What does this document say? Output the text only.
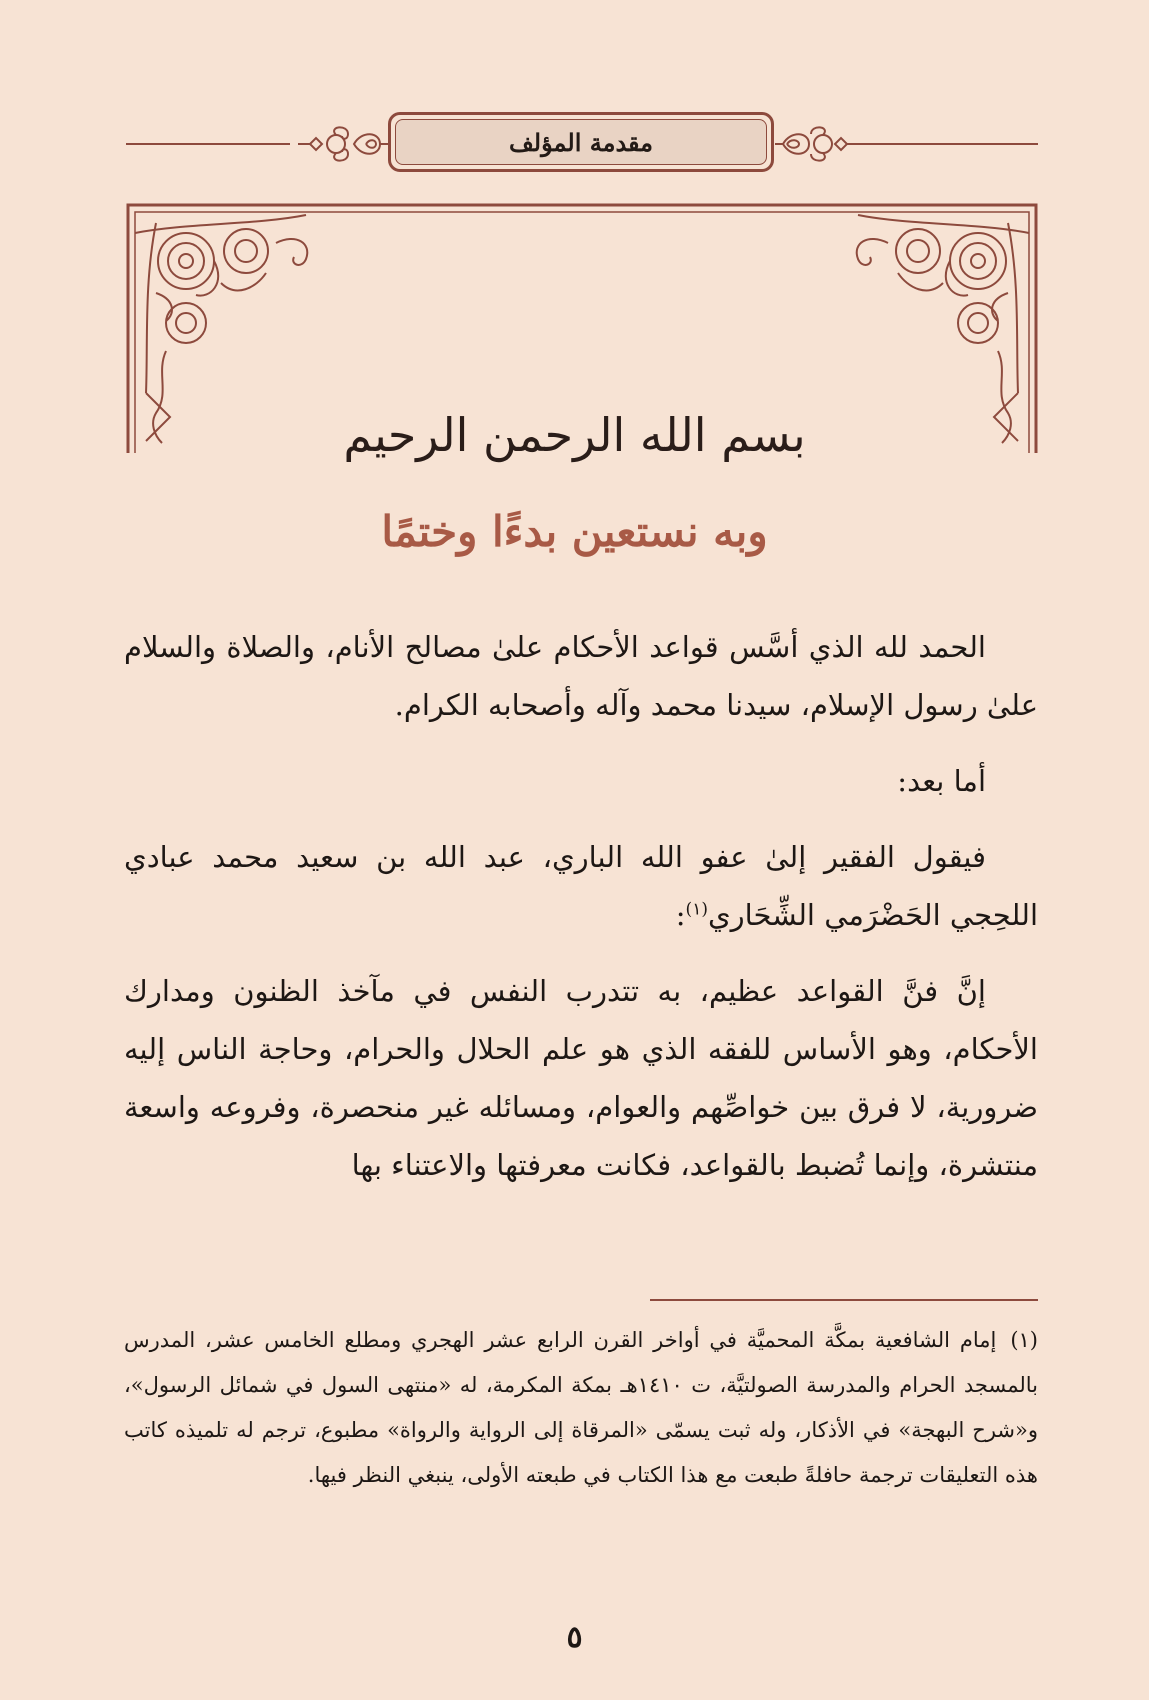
مقدمة المؤلف
بسم الله الرحمن الرحيم
وبه نستعين بدءًا وختمًا

الحمد لله الذي أسَّس قواعد الأحكام علىٰ مصالح الأنام، والصلاة والسلام علىٰ رسول الإسلام، سيدنا محمد وآله وأصحابه الكرام.

أما بعد:

فيقول الفقير إلىٰ عفو الله الباري، عبد الله بن سعيد محمد عبادي اللحِجي الحَضْرَمي الشِّحَاري$^{(١)}$:

إنَّ فنَّ القواعد عظيم، به تتدرب النفس في مآخذ الظنون ومدارك الأحكام، وهو الأساس للفقه الذي هو علم الحلال والحرام، وحاجة الناس إليه ضرورية، لا فرق بين خواصِّهم والعوام، ومسائله غير منحصرة، وفروعه واسعة منتشرة، وإنما تُضبط بالقواعد، فكانت معرفتها والاعتناء بها

(١)إمام الشافعية بمكَّة المحميَّة في أواخر القرن الرابع عشر الهجري ومطلع الخامس عشر، المدرس بالمسجد الحرام والمدرسة الصولتيَّة، ت ١٤١٠هـ بمكة المكرمة، له «منتهى السول في شمائل الرسول»، و«شرح البهجة» في الأذكار، وله ثبت يسمّى «المرقاة إلى الرواية والرواة» مطبوع، ترجم له تلميذه كاتب هذه التعليقات ترجمة حافلةً طبعت مع هذا الكتاب في طبعته الأولى، ينبغي النظر فيها.
٥
